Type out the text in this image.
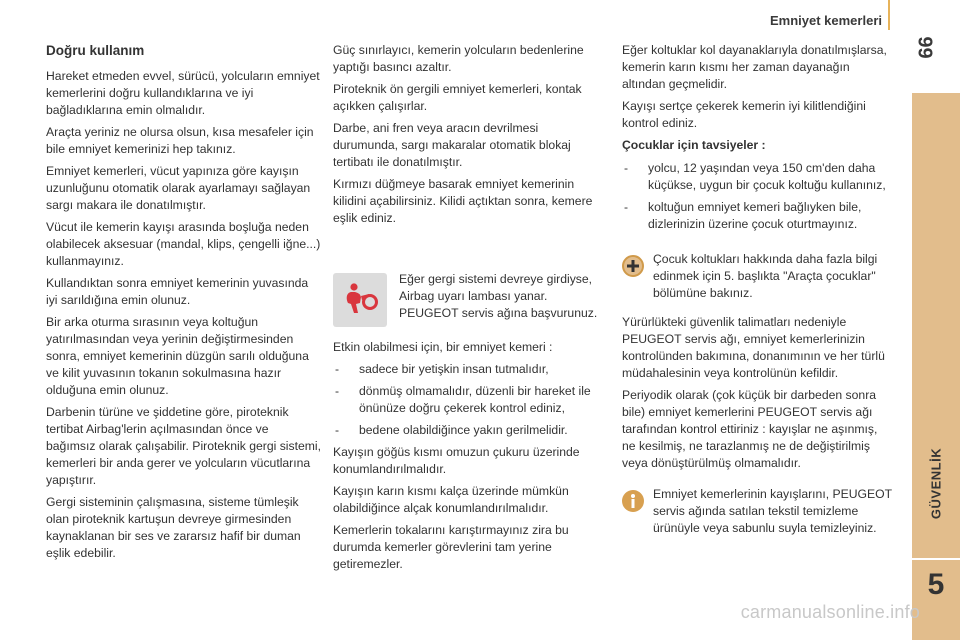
Emniyet kemerleri
99
GÜVENLİK
5
Doğru kullanım

Hareket etmeden evvel, sürücü, yolcuların emniyet kemerlerini doğru kullandıklarına ve iyi bağladıklarına emin olmalıdır.

Araçta yeriniz ne olursa olsun, kısa mesafeler için bile emniyet kemerinizi hep takınız.

Emniyet kemerleri, vücut yapınıza göre kayışın uzunluğunu otomatik olarak ayarlamayı sağlayan sargı makara ile donatılmıştır.

Vücut ile kemerin kayışı arasında boşluğa neden olabilecek aksesuar (mandal, klips, çengelli iğne...) kullanmayınız.

Kullandıktan sonra emniyet kemerinin yuvasında iyi sarıldığına emin olunuz.

Bir arka oturma sırasının veya koltuğun yatırılmasından veya yerinin değiştirmesinden sonra, emniyet kemerinin düzgün sarılı olduğuna ve kilit yuvasının tokanın sokulmasına hazır olduğuna emin olunuz.

Darbenin türüne ve şiddetine göre, piroteknik tertibat Airbag'lerin açılmasından önce ve bağımsız olarak çalışabilir. Piroteknik gergi sistemi, kemerleri bir anda gerer ve yolcuların vücutlarına yapıştırır.

Gergi sisteminin çalışmasına, sisteme tümleşik olan piroteknik kartuşun devreye girmesinden kaynaklanan bir ses ve zararsız hafif bir duman eşlik edebilir.

Güç sınırlayıcı, kemerin yolcuların bedenlerine yaptığı basıncı azaltır.

Piroteknik ön gergili emniyet kemerleri, kontak açıkken çalışırlar.

Darbe, ani fren veya aracın devrilmesi durumunda, sargı makaralar otomatik blokaj tertibatı ile donatılmıştır.

Kırmızı düğmeye basarak emniyet kemerinin kilidini açabilirsiniz. Kilidi açtıktan sonra, kemere eşlik ediniz.

Eğer gergi sistemi devreye girdiyse, Airbag uyarı lambası yanar. PEUGEOT servis ağına başvurunuz.

Etkin olabilmesi için, bir emniyet kemeri :

- sadece bir yetişkin insan tutmalıdır,
- dönmüş olmamalıdır, düzenli bir hareket ile önünüze doğru çekerek kontrol ediniz,
- bedene olabildiğince yakın gerilmelidir.

Kayışın göğüs kısmı omuzun çukuru üzerinde konumlandırılmalıdır.

Kayışın karın kısmı kalça üzerinde mümkün olabildiğince alçak konumlandırılmalıdır.

Kemerlerin tokalarını karıştırmayınız zira bu durumda kemerler görevlerini tam yerine getiremezler.

Eğer koltuklar kol dayanaklarıyla donatılmışlarsa, kemerin karın kısmı her zaman dayanağın altından geçmelidir.

Kayışı sertçe çekerek kemerin iyi kilitlendiğini kontrol ediniz.

Çocuklar için tavsiyeler :
- yolcu, 12 yaşından veya 150 cm'den daha küçükse, uygun bir çocuk koltuğu kullanınız,
- koltuğun emniyet kemeri bağlıyken bile, dizlerinizin üzerine çocuk oturtmayınız.
Çocuk koltukları hakkında daha fazla bilgi edinmek için 5. başlıkta "Araçta çocuklar" bölümüne bakınız.

Yürürlükteki güvenlik talimatları nedeniyle PEUGEOT servis ağı, emniyet kemerlerinizin kontrolünden bakımına, donanımının ve her türlü müdahalesinin veya kontrolünün kefildir.

Periyodik olarak (çok küçük bir darbeden sonra bile) emniyet kemerlerini PEUGEOT servis ağı tarafından kontrol ettiriniz : kayışlar ne aşınmış, ne kesilmiş, ne tarazlanmış ne de değiştirilmiş veya dönüştürülmüş olmamalıdır.

Emniyet kemerlerinin kayışlarını, PEUGEOT servis ağında satılan tekstil temizleme ürünüyle veya sabunlu suyla temizleyiniz.
carmanualsonline.info
